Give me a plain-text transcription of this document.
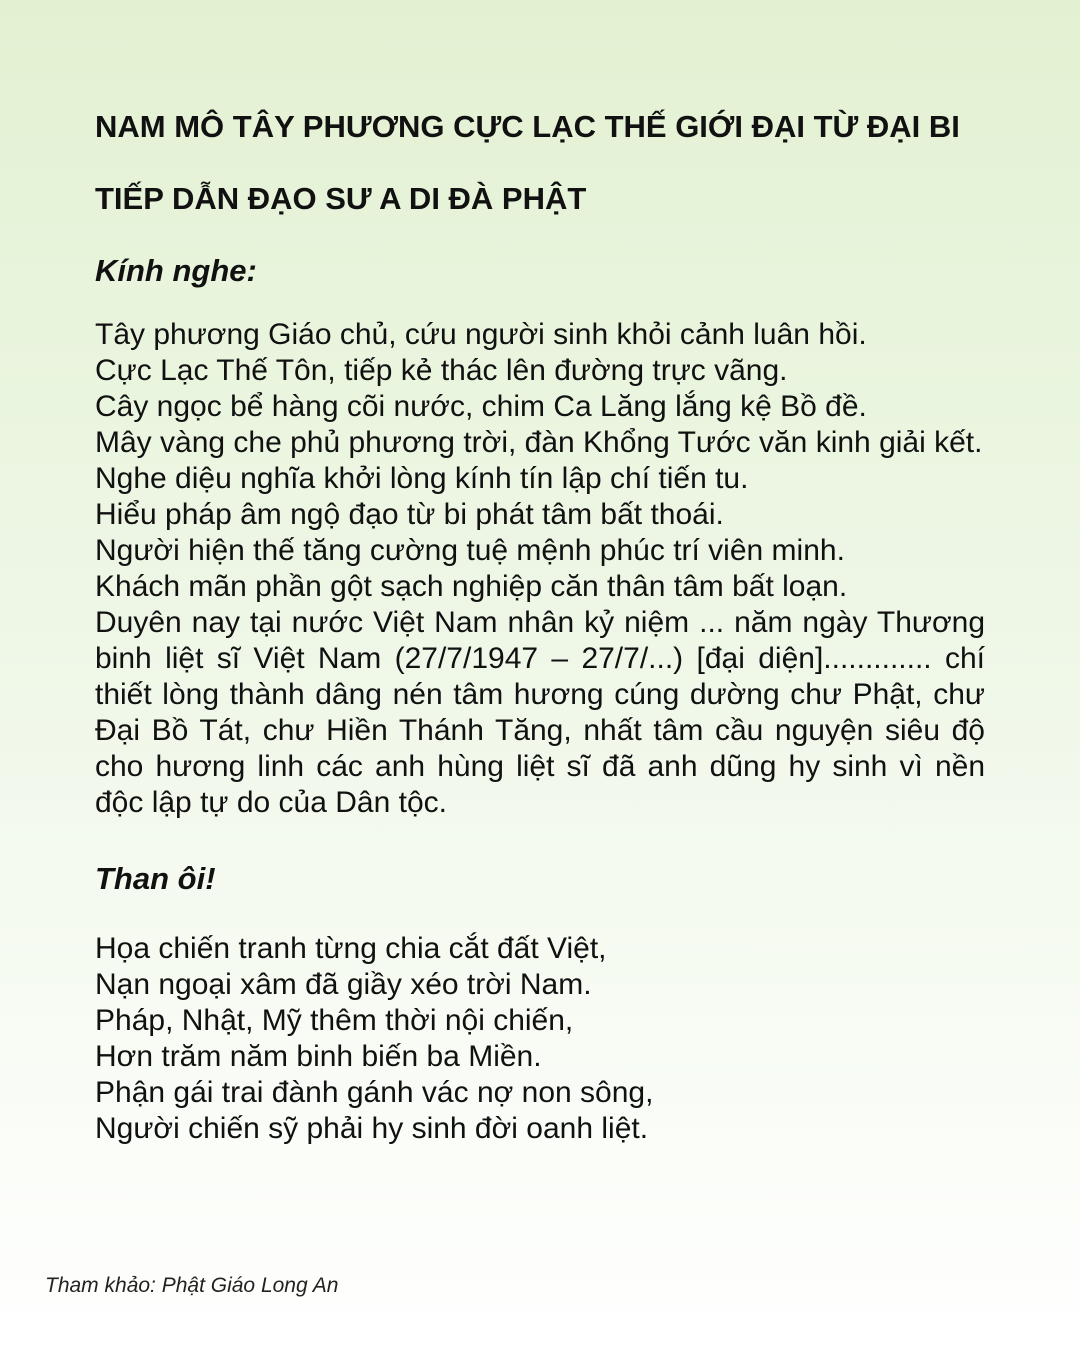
NAM MÔ TÂY PHƯƠNG CỰC LẠC THẾ GIỚI ĐẠI TỪ ĐẠI BI
TIẾP DẪN ĐẠO SƯ A DI ĐÀ PHẬT
Kính nghe:
Tây phương Giáo chủ, cứu người sinh khỏi cảnh luân hồi.
Cực Lạc Thế Tôn, tiếp kẻ thác lên đường trực vãng.
Cây ngọc bể hàng cõi nước, chim Ca Lăng lắng kệ Bồ đề.
Mây vàng che phủ phương trời, đàn Khổng Tước văn kinh giải kết.
Nghe diệu nghĩa khởi lòng kính tín lập chí tiến tu.
Hiểu pháp âm ngộ đạo từ bi phát tâm bất thoái.
Người hiện thế tăng cường tuệ mệnh phúc trí viên minh.
Khách mãn phần gột sạch nghiệp căn thân tâm bất loạn.
Duyên nay tại nước Việt Nam nhân kỷ niệm ... năm ngày Thương binh liệt sĩ Việt Nam (27/7/1947 – 27/7/...) [đại diện]............. chí thiết lòng thành dâng nén tâm hương cúng dường chư Phật, chư Đại Bồ Tát, chư Hiền Thánh Tăng, nhất tâm cầu nguyện siêu độ cho hương linh các anh hùng liệt sĩ đã anh dũng hy sinh vì nền độc lập tự do của Dân tộc.
Than ôi!
Họa chiến tranh từng chia cắt đất Việt,
Nạn ngoại xâm đã giầy xéo trời Nam.
Pháp, Nhật, Mỹ thêm thời nội chiến,
Hơn trăm năm binh biến ba Miền.
Phận gái trai đành gánh vác nợ non sông,
Người chiến sỹ phải hy sinh đời oanh liệt.
Tham khảo: Phật Giáo Long An
